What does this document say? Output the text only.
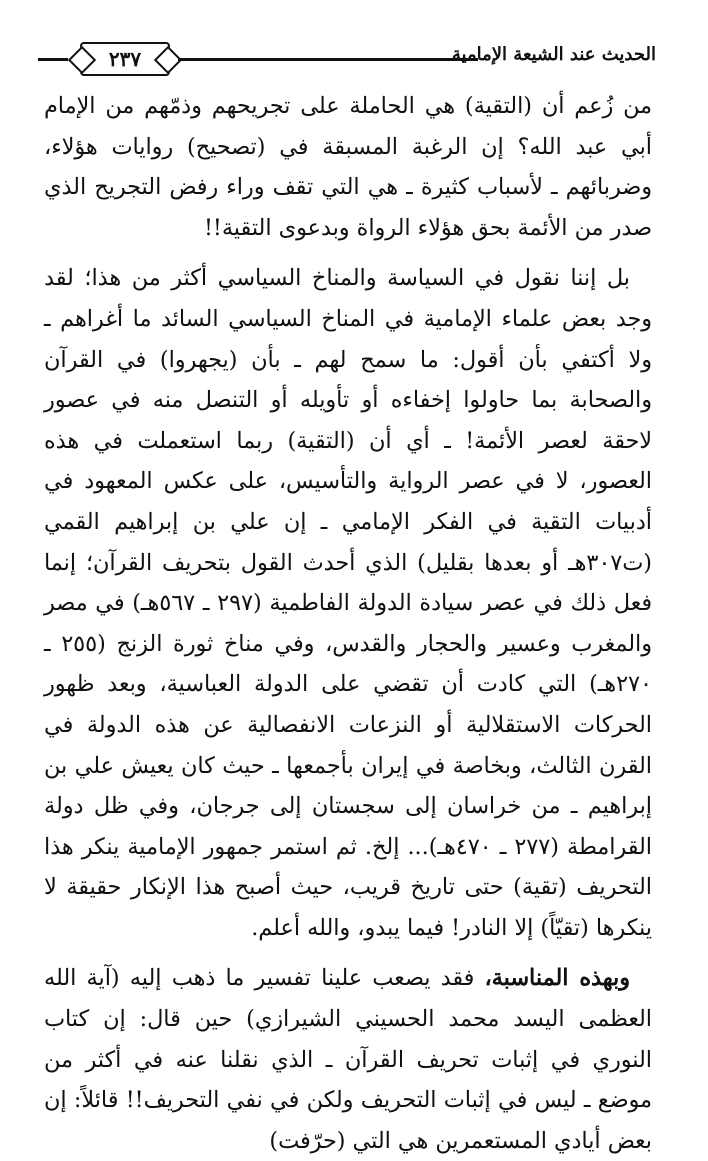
٢٣٧	الحديث عند الشيعة الإمامية

من زُعم أن (التقية) هي الحاملة على تجريحهم وذمّهم من الإمام أبي عبد الله؟ إن الرغبة المسبقة في (تصحيح) روايات هؤلاء، وضربائهم ـ لأسباب كثيرة ـ هي التي تقف وراء رفض التجريح الذي صدر من الأئمة بحق هؤلاء الرواة وبدعوى التقية!!

بل إننا نقول في السياسة والمناخ السياسي أكثر من هذا؛ لقد وجد بعض علماء الإمامية في المناخ السياسي السائد ما أغراهم ـ ولا أكتفي بأن أقول: ما سمح لهم ـ بأن (يجهروا) في القرآن والصحابة بما حاولوا إخفاءه أو تأويله أو التنصل منه في عصور لاحقة لعصر الأئمة! ـ أي أن (التقية) ربما استعملت في هذه العصور، لا في عصر الرواية والتأسيس، على عكس المعهود في أدبيات التقية في الفكر الإمامي ـ إن علي بن إبراهيم القمي (ت٣٠٧هـ أو بعدها بقليل) الذي أحدث القول بتحريف القرآن؛ إنما فعل ذلك في عصر سيادة الدولة الفاطمية (٢٩٧ ـ ٥٦٧هـ) في مصر والمغرب وعسير والحجار والقدس، وفي مناخ ثورة الزنج (٢٥٥ ـ ٢٧٠هـ) التي كادت أن تقضي على الدولة العباسية، وبعد ظهور الحركات الاستقلالية أو النزعات الانفصالية عن هذه الدولة في القرن الثالث، وبخاصة في إيران بأجمعها ـ حيث كان يعيش علي بن إبراهيم ـ من خراسان إلى سجستان إلى جرجان، وفي ظل دولة القرامطة (٢٧٧ ـ ٤٧٠هـ)... إلخ. ثم استمر جمهور الإمامية ينكر هذا التحريف (تقية) حتى تاريخ قريب، حيث أصبح هذا الإنكار حقيقة لا ينكرها (تقيّاً) إلا النادر! فيما يبدو، والله أعلم.

وبهذه المناسبة، فقد يصعب علينا تفسير ما ذهب إليه (آية الله العظمى اليسد محمد الحسيني الشيرازي) حين قال: إن كتاب النوري في إثبات تحريف القرآن ـ الذي نقلنا عنه في أكثر من موضع ـ ليس في إثبات التحريف ولكن في نفي التحريف!! قائلاً: إن بعض أيادي المستعمرين هي التي (حرّفت)
